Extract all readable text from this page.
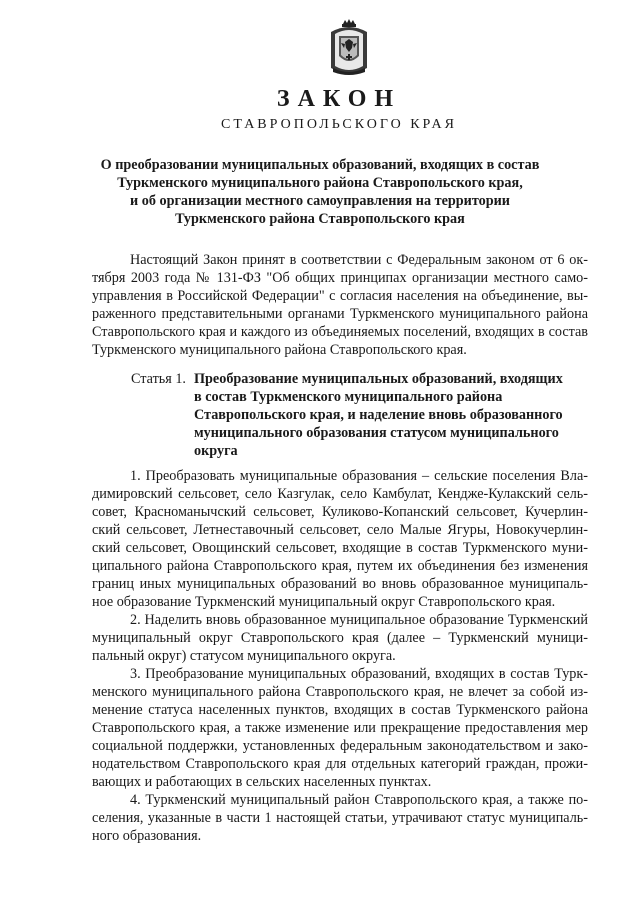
ЗАКОН
СТАВРОПОЛЬСКОГО КРАЯ
О преобразовании муниципальных образований, входящих в состав
Туркменского муниципального района Ставропольского края,
и об организации местного самоуправления на территории
Туркменского района Ставропольского края
Настоящий Закон принят в соответствии с Федеральным законом от 6 ок-
тября 2003 года № 131-ФЗ "Об общих принципах организации местного само-
управления в Российской Федерации" с согласия населения на объединение, вы-
раженного представительными органами Туркменского муниципального района
Ставропольского края и каждого из объединяемых поселений, входящих в состав
Туркменского муниципального района Ставропольского края.
Статья 1. Преобразование муниципальных образований, входящих
в состав Туркменского муниципального района
Ставропольского края, и наделение вновь образованного
муниципального образования статусом муниципального
округа
1. Преобразовать муниципальные образования – сельские поселения Вла-
димировский сельсовет, село Казгулак, село Камбулат, Кендже-Кулакский сель-
совет, Красноманычский сельсовет, Куликово-Копанский сельсовет, Кучерлин-
ский сельсовет, Летнеставочный сельсовет, село Малые Ягуры, Новокучерлин-
ский сельсовет, Овощинский сельсовет, входящие в состав Туркменского муни-
ципального района Ставропольского края, путем их объединения без изменения
границ иных муниципальных образований во вновь образованное муниципаль-
ное образование Туркменский муниципальный округ Ставропольского края.
2. Наделить вновь образованное муниципальное образование Туркменский
муниципальный округ Ставропольского края (далее – Туркменский муници-
пальный округ) статусом муниципального округа.
3. Преобразование муниципальных образований, входящих в состав Турк-
менского муниципального района Ставропольского края, не влечет за собой из-
менение статуса населенных пунктов, входящих в состав Туркменского района
Ставропольского края, а также изменение или прекращение предоставления мер
социальной поддержки, установленных федеральным законодательством и зако-
нодательством Ставропольского края для отдельных категорий граждан, прожи-
вающих и работающих в сельских населенных пунктах.
4. Туркменский муниципальный район Ставропольского края, а также по-
селения, указанные в части 1 настоящей статьи, утрачивают статус муниципаль-
ного образования.
